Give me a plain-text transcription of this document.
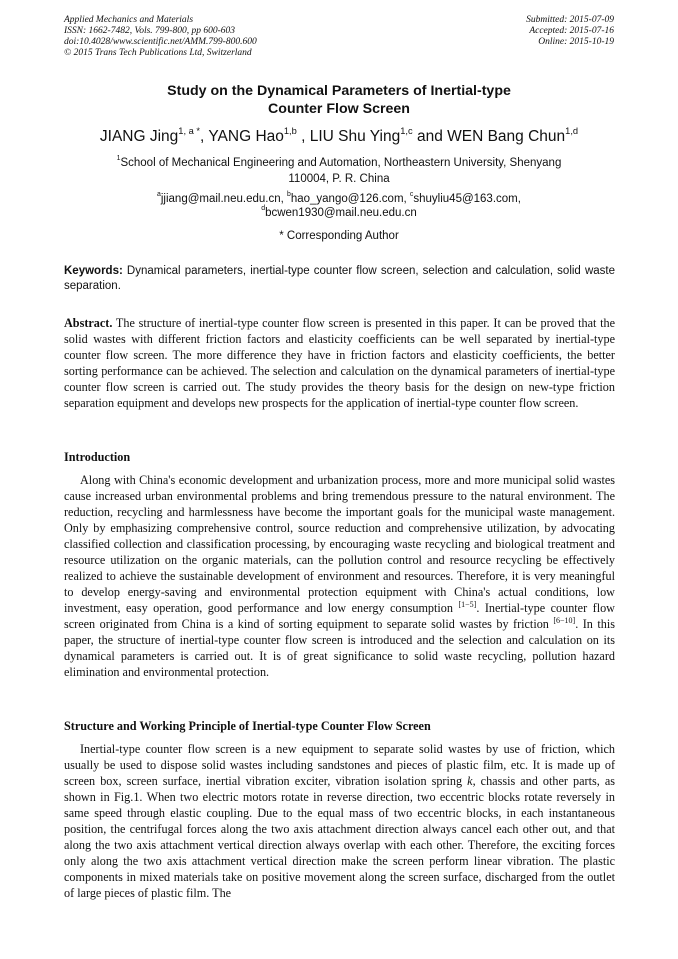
Applied Mechanics and Materials
ISSN: 1662-7482, Vols. 799-800, pp 600-603
doi:10.4028/www.scientific.net/AMM.799-800.600
© 2015 Trans Tech Publications Ltd, Switzerland
Submitted: 2015-07-09
Accepted: 2015-07-16
Online: 2015-10-19
Study on the Dynamical Parameters of Inertial-type
Counter Flow Screen
JIANG Jing$^{1, a *}$, YANG Hao$^{1,b}$ , LIU Shu Ying$^{1,c}$ and WEN Bang Chun$^{1,d}$
$^1$School of Mechanical Engineering and Automation, Northeastern University, Shenyang 110004, P. R. China
$^a$jjiang@mail.neu.edu.cn, $^b$hao_yango@126.com, $^c$shuyliu45@163.com,
$^d$bcwen1930@mail.neu.edu.cn
* Corresponding Author
Keywords: Dynamical parameters, inertial-type counter flow screen, selection and calculation, solid waste separation.
Abstract. The structure of inertial-type counter flow screen is presented in this paper. It can be proved that the solid wastes with different friction factors and elasticity coefficients can be well separated by inertial-type counter flow screen. The more difference they have in friction factors and elasticity coefficients, the better sorting performance can be achieved. The selection and calculation on the dynamical parameters of inertial-type counter flow screen is carried out. The study provides the theory basis for the design on new-type friction separation equipment and develops new prospects for the application of inertial-type counter flow screen.
Introduction
Along with China's economic development and urbanization process, more and more municipal solid wastes cause increased urban environmental problems and bring tremendous pressure to the natural environment. The reduction, recycling and harmlessness have become the important goals for the municipal waste management. Only by emphasizing comprehensive control, source reduction and comprehensive utilization, by advocating classified collection and classification processing, by encouraging waste recycling and biological treatment and resource utilization on the organic materials, can the pollution control and resource recycling be effectively realized to achieve the sustainable development of environment and resources. Therefore, it is very meaningful to develop energy-saving and environmental protection equipment with China's actual conditions, low investment, easy operation, good performance and low energy consumption [1−5]. Inertial-type counter flow screen originated from China is a kind of sorting equipment to separate solid wastes by friction [6−10]. In this paper, the structure of inertial-type counter flow screen is introduced and the selection and calculation on its dynamical parameters is carried out. It is of great significance to solid waste recycling, pollution hazard elimination and environmental protection.
Structure and Working Principle of Inertial-type Counter Flow Screen
Inertial-type counter flow screen is a new equipment to separate solid wastes by use of friction, which usually be used to dispose solid wastes including sandstones and pieces of plastic film, etc. It is made up of screen box, screen surface, inertial vibration exciter, vibration isolation spring k, chassis and other parts, as shown in Fig.1. When two electric motors rotate in reverse direction, two eccentric blocks rotate reversely in same speed through elastic coupling. Due to the equal mass of two eccentric blocks, in each instantaneous position, the centrifugal forces along the two axis attachment direction always cancel each other out, and that along the two axis attachment vertical direction always overlap with each other. Therefore, the exciting forces only along the two axis attachment vertical direction make the screen perform linear vibration. The plastic components in mixed materials take on positive movement along the screen surface, discharged from the outlet of large pieces of plastic film. The
